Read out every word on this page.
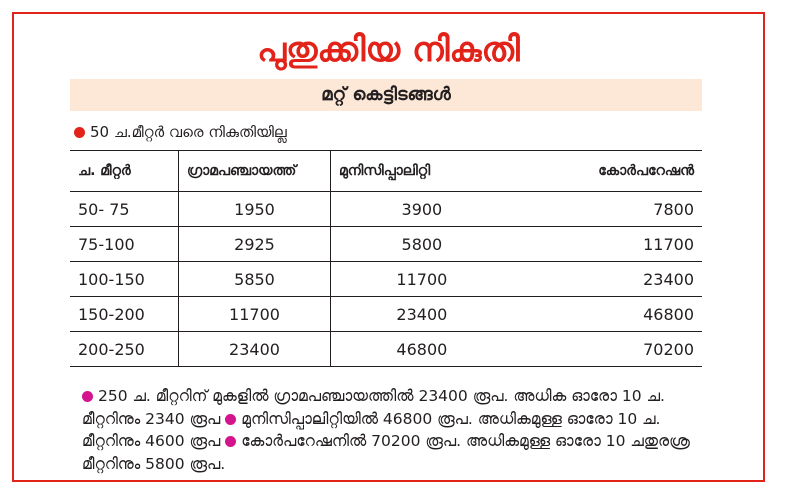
പുതുക്കിയ നികുതി
മറ്റ് കെട്ടിടങ്ങൾ
50 ച.മീറ്റർ വരെ നികുതിയില്ല
ച. മീറ്റർ	ഗ്രാമപഞ്ചായത്ത്	മുനിസിപ്പാലിറ്റി	കോർപറേഷൻ
50- 75	1950	3900	7800
75-100	2925	5800	11700
100-150	5850	11700	23400
150-200	11700	23400	46800
200-250	23400	46800	70200
250 ച. മീറ്ററിന് മുകളിൽ ഗ്രാമപഞ്ചായത്തിൽ 23400 രൂപ. അധിക ഓരോ 10 ച. മീറ്ററിനും 2340 രൂപ മുനിസിപ്പാലിറ്റിയിൽ 46800 രൂപ. അധികമുള്ള ഓരോ 10 ച. മീറ്ററിനും 4600 രൂപ കോർപറേഷനിൽ 70200 രൂപ. അധികമുള്ള ഓരോ 10 ചതുരശ്ര മീറ്ററിനും 5800 രൂപ.
